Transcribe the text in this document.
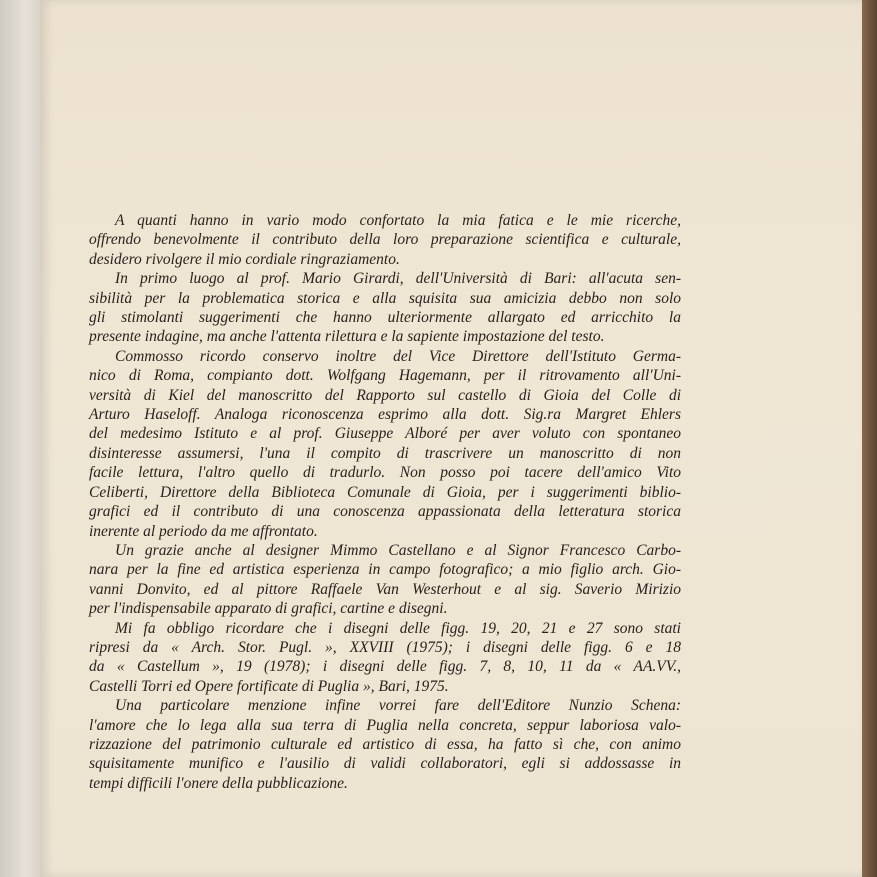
A quanti hanno in vario modo confortato la mia fatica e le mie ricerche,

offrendo benevolmente il contributo della loro preparazione scientifica e culturale,

desidero rivolgere il mio cordiale ringraziamento.

In primo luogo al prof. Mario Girardi, dell'Università di Bari: all'acuta sen-

sibilità per la problematica storica e alla squisita sua amicizia debbo non solo

gli stimolanti suggerimenti che hanno ulteriormente allargato ed arricchito la

presente indagine, ma anche l'attenta rilettura e la sapiente impostazione del testo.

Commosso ricordo conservo inoltre del Vice Direttore dell'Istituto Germa-

nico di Roma, compianto dott. Wolfgang Hagemann, per il ritrovamento all'Uni-

versità di Kiel del manoscritto del Rapporto sul castello di Gioia del Colle di

Arturo Haseloff. Analoga riconoscenza esprimo alla dott. Sig.ra Margret Ehlers

del medesimo Istituto e al prof. Giuseppe Alboré per aver voluto con spontaneo

disinteresse assumersi, l'una il compito di trascrivere un manoscritto di non

facile lettura, l'altro quello di tradurlo. Non posso poi tacere dell'amico Vito

Celiberti, Direttore della Biblioteca Comunale di Gioia, per i suggerimenti biblio-

grafici ed il contributo di una conoscenza appassionata della letteratura storica

inerente al periodo da me affrontato.

Un grazie anche al designer Mimmo Castellano e al Signor Francesco Carbo-

nara per la fine ed artistica esperienza in campo fotografico; a mio figlio arch. Gio-

vanni Donvito, ed al pittore Raffaele Van Westerhout e al sig. Saverio Mirizio

per l'indispensabile apparato di grafici, cartine e disegni.

Mi fa obbligo ricordare che i disegni delle figg. 19, 20, 21 e 27 sono stati

ripresi da « Arch. Stor. Pugl. », XXVIII (1975); i disegni delle figg. 6 e 18

da « Castellum », 19 (1978); i disegni delle figg. 7, 8, 10, 11 da « AA.VV.,

Castelli Torri ed Opere fortificate di Puglia », Bari, 1975.

Una particolare menzione infine vorrei fare dell'Editore Nunzio Schena:

l'amore che lo lega alla sua terra di Puglia nella concreta, seppur laboriosa valo-

rizzazione del patrimonio culturale ed artistico di essa, ha fatto sì che, con animo

squisitamente munifico e l'ausilio di validi collaboratori, egli si addossasse in

tempi difficili l'onere della pubblicazione.
